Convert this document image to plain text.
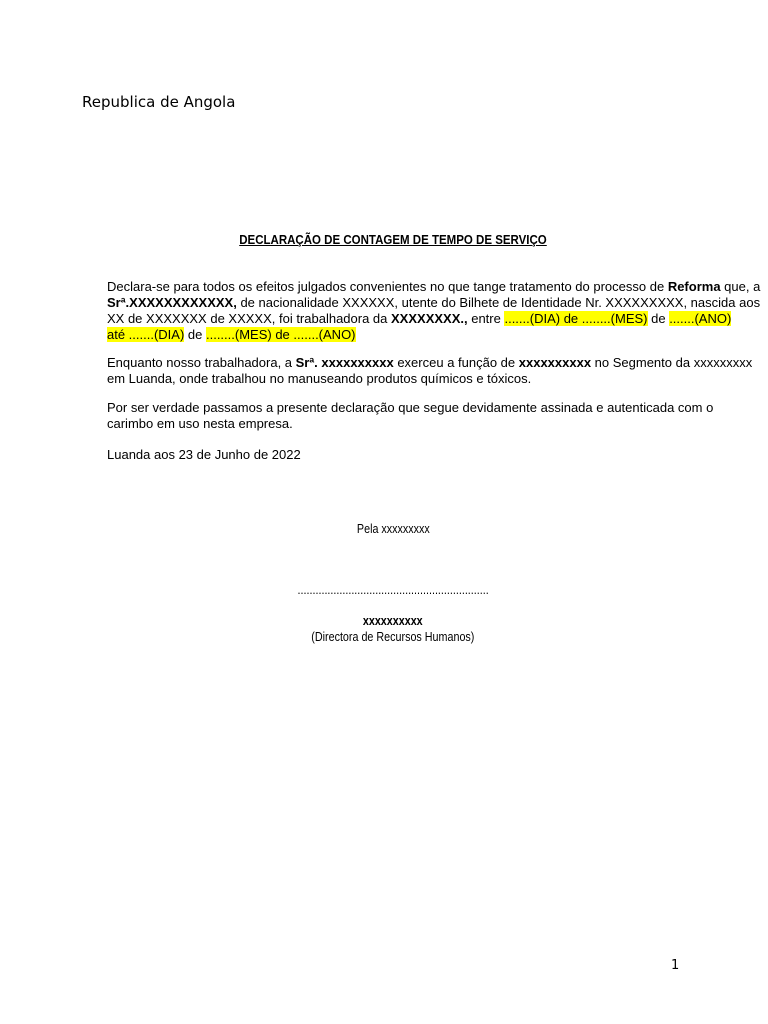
Republica de Angola
DECLARAÇÃO DE CONTAGEM DE TEMPO DE SERVIÇO
Declara-se para todos os efeitos julgados convenientes no que tange tratamento do processo de Reforma que, a
Srª.XXXXXXXXXXXX, de nacionalidade XXXXXX, utente do Bilhete de Identidade Nr. XXXXXXXXX, nascida aos
XX de XXXXXXX de XXXXX, foi trabalhadora da XXXXXXXX., entre .......(DIA) de ........(MES) de .......(ANO)
até .......(DIA) de ........(MES) de .......(ANO)
Enquanto nosso trabalhadora, a Srª. xxxxxxxxxx exerceu a função de xxxxxxxxxx no Segmento da xxxxxxxxx
em Luanda, onde trabalhou no manuseando produtos químicos e tóxicos.
Por ser verdade passamos a presente declaração que segue devidamente assinada e autenticada com o
carimbo em uso nesta empresa.
Luanda aos 23 de Junho de 2022
Pela xxxxxxxxx
................................................................
xxxxxxxxxx
(Directora de Recursos Humanos)
1
